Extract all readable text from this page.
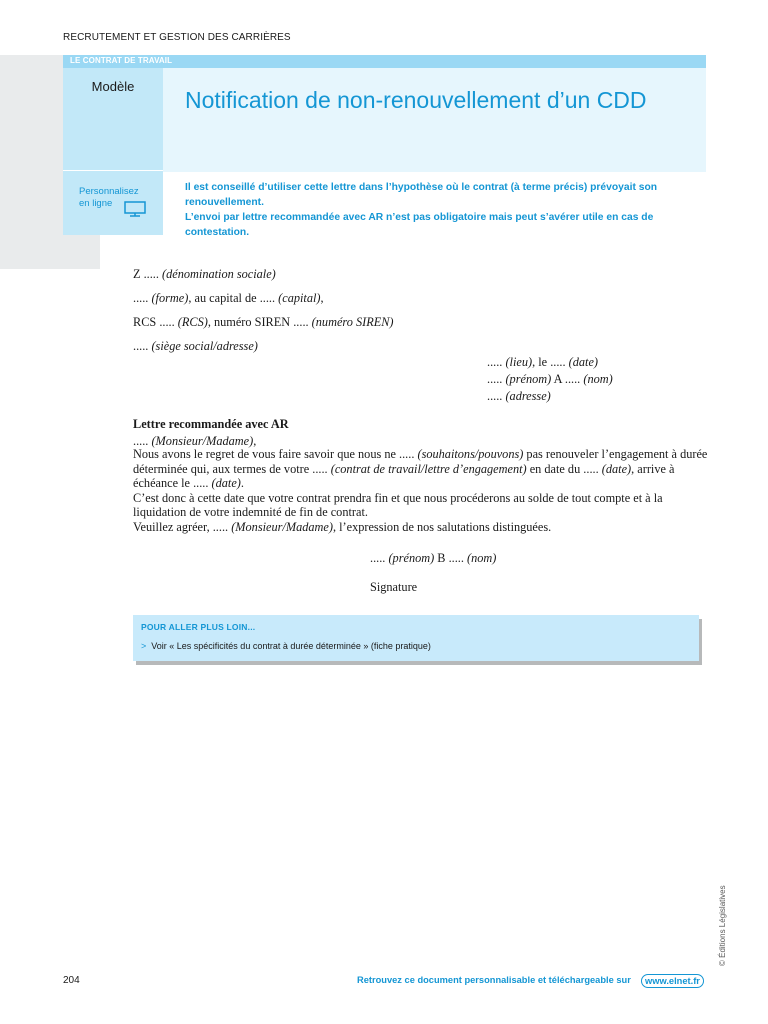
RECRUTEMENT ET GESTION DES CARRIÈRES
LE CONTRAT DE TRAVAIL
Modèle
Personnalisez
en ligne
Notification de non-renouvellement d’un CDD

Il est conseillé d’utiliser cette lettre dans l’hypothèse où le contrat (à terme précis) prévoyait son renouvellement.

L’envoi par lettre recommandée avec AR n’est pas obligatoire mais peut s’avérer utile en cas de contestation.

Z ..... (dénomination sociale)
..... (forme), au capital de ..... (capital),
RCS ..... (RCS), numéro SIREN ..... (numéro SIREN)
..... (siège social/adresse)
..... (lieu), le ..... (date)
..... (prénom) A ..... (nom)
..... (adresse)
Lettre recommandée avec AR
..... (Monsieur/Madame),

Nous avons le regret de vous faire savoir que nous ne ..... (souhaitons/pouvons) pas renouveler l’engagement à durée déterminée qui, aux termes de votre ..... (contrat de travail/lettre d’engagement) en date du ..... (date), arrive à échéance le ..... (date).

C’est donc à cette date que votre contrat prendra fin et que nous procéderons au solde de tout compte et à la liquidation de votre indemnité de fin de contrat.

Veuillez agréer, ..... (Monsieur/Madame), l’expression de nos salutations distinguées.

..... (prénom) B ..... (nom)
Signature
POUR ALLER PLUS LOIN...
> Voir « Les spécificités du contrat à durée déterminée » (fiche pratique)
204	Retrouvez ce document personnalisable et téléchargeable sur	www.elnet.fr
© Éditions Législatives
